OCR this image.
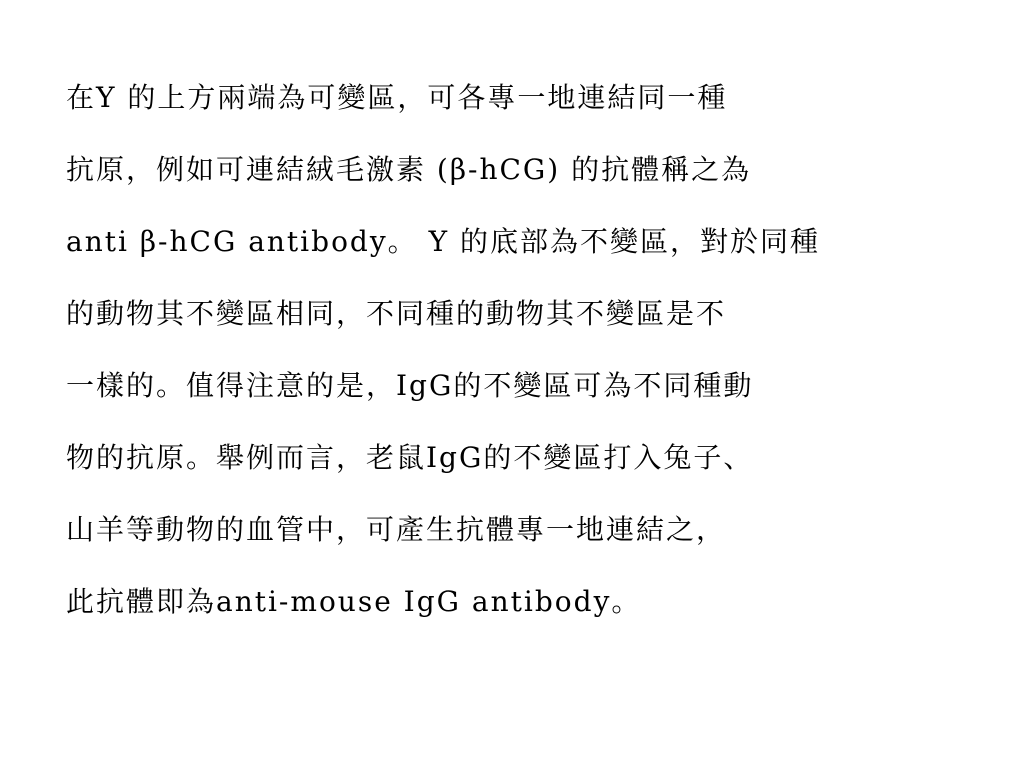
在Y 的上方兩端為可變區，可各專一地連結同一種
抗原，例如可連結絨毛激素 (β-hCG) 的抗體稱之為
anti β-hCG antibody。 Y 的底部為不變區，對於同種
的動物其不變區相同，不同種的動物其不變區是不
一樣的。值得注意的是，IgG的不變區可為不同種動
物的抗原。舉例而言，老鼠IgG的不變區打入兔子、
山羊等動物的血管中，可產生抗體專一地連結之，
此抗體即為anti-mouse IgG antibody。
